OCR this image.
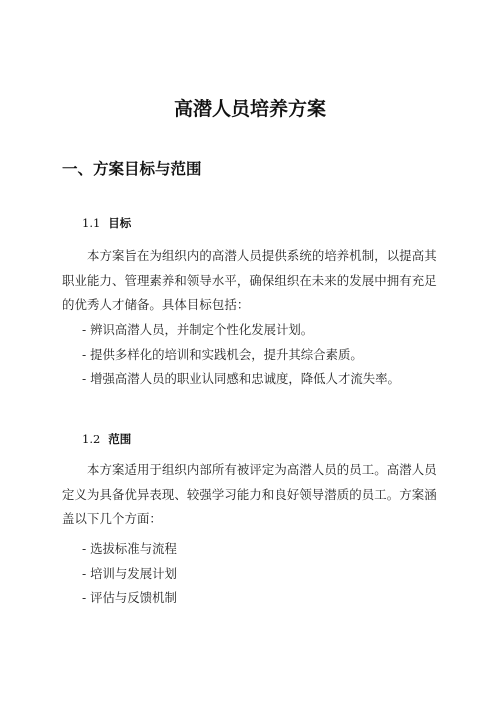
高潜人员培养方案
一、方案目标与范围
1.1 目标

本方案旨在为组织内的高潜人员提供系统的培养机制，以提高其职业能力、管理素养和领导水平，确保组织在未来的发展中拥有充足的优秀人才储备。具体目标包括：

- 辨识高潜人员，并制定个性化发展计划。
- 提供多样化的培训和实践机会，提升其综合素质。
- 增强高潜人员的职业认同感和忠诚度，降低人才流失率。
1.2 范围

本方案适用于组织内部所有被评定为高潜人员的员工。高潜人员定义为具备优异表现、较强学习能力和良好领导潜质的员工。方案涵盖以下几个方面：

- 选拔标准与流程
- 培训与发展计划
- 评估与反馈机制
